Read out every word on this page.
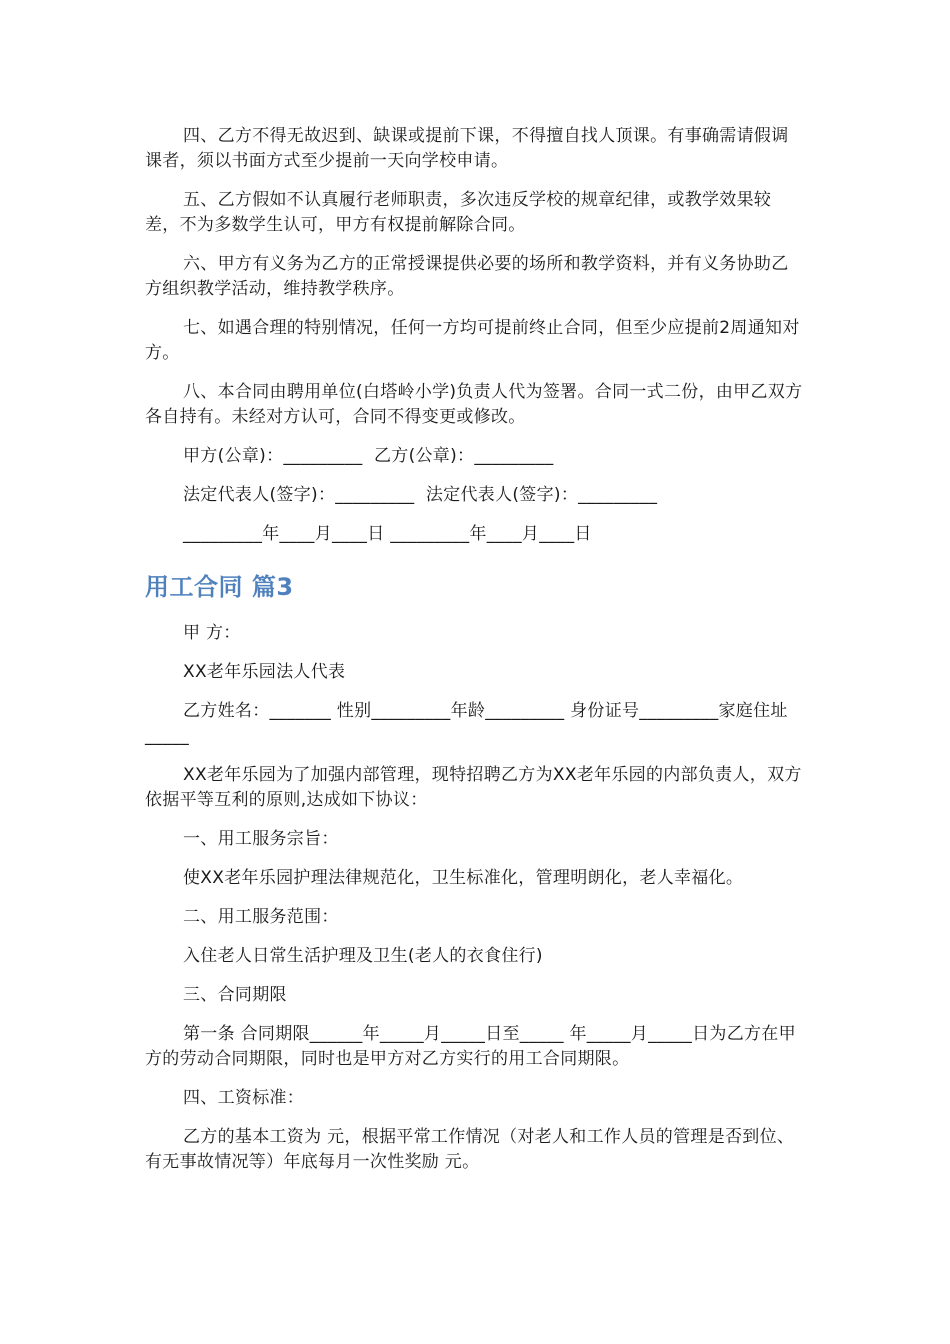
四、乙方不得无故迟到、缺课或提前下课，不得擅自找人顶课。有事确需请假调课者，须以书面方式至少提前一天向学校申请。

五、乙方假如不认真履行老师职责，多次违反学校的规章纪律，或教学效果较差，不为多数学生认可，甲方有权提前解除合同。

六、甲方有义务为乙方的正常授课提供必要的场所和教学资料，并有义务协助乙方组织教学活动，维持教学秩序。

七、如遇合理的特别情况，任何一方均可提前终止合同，但至少应提前2周通知对方。

八、本合同由聘用单位(白塔岭小学)负责人代为签署。合同一式二份，由甲乙双方各自持有。未经对方认可，合同不得变更或修改。

甲方(公章)：_________  乙方(公章)：_________

法定代表人(签字)：_________  法定代表人(签字)：_________

_________年____月____日 _________年____月____日

用工合同 篇3

甲 方：

XX老年乐园法人代表

乙方姓名：_______ 性别_________年龄_________ 身份证号_________家庭住址_____

XX老年乐园为了加强内部管理，现特招聘乙方为XX老年乐园的内部负责人，双方依据平等互利的原则,达成如下协议：

一、用工服务宗旨：

使XX老年乐园护理法律规范化，卫生标准化，管理明朗化，老人幸福化。

二、用工服务范围：

入住老人日常生活护理及卫生(老人的衣食住行)

三、合同期限

第一条 合同期限______年_____月_____日至_____ 年_____月_____日为乙方在甲方的劳动合同期限，同时也是甲方对乙方实行的用工合同期限。

四、工资标准：

乙方的基本工资为 元，根据平常工作情况（对老人和工作人员的管理是否到位、有无事故情况等）年底每月一次性奖励 元。
